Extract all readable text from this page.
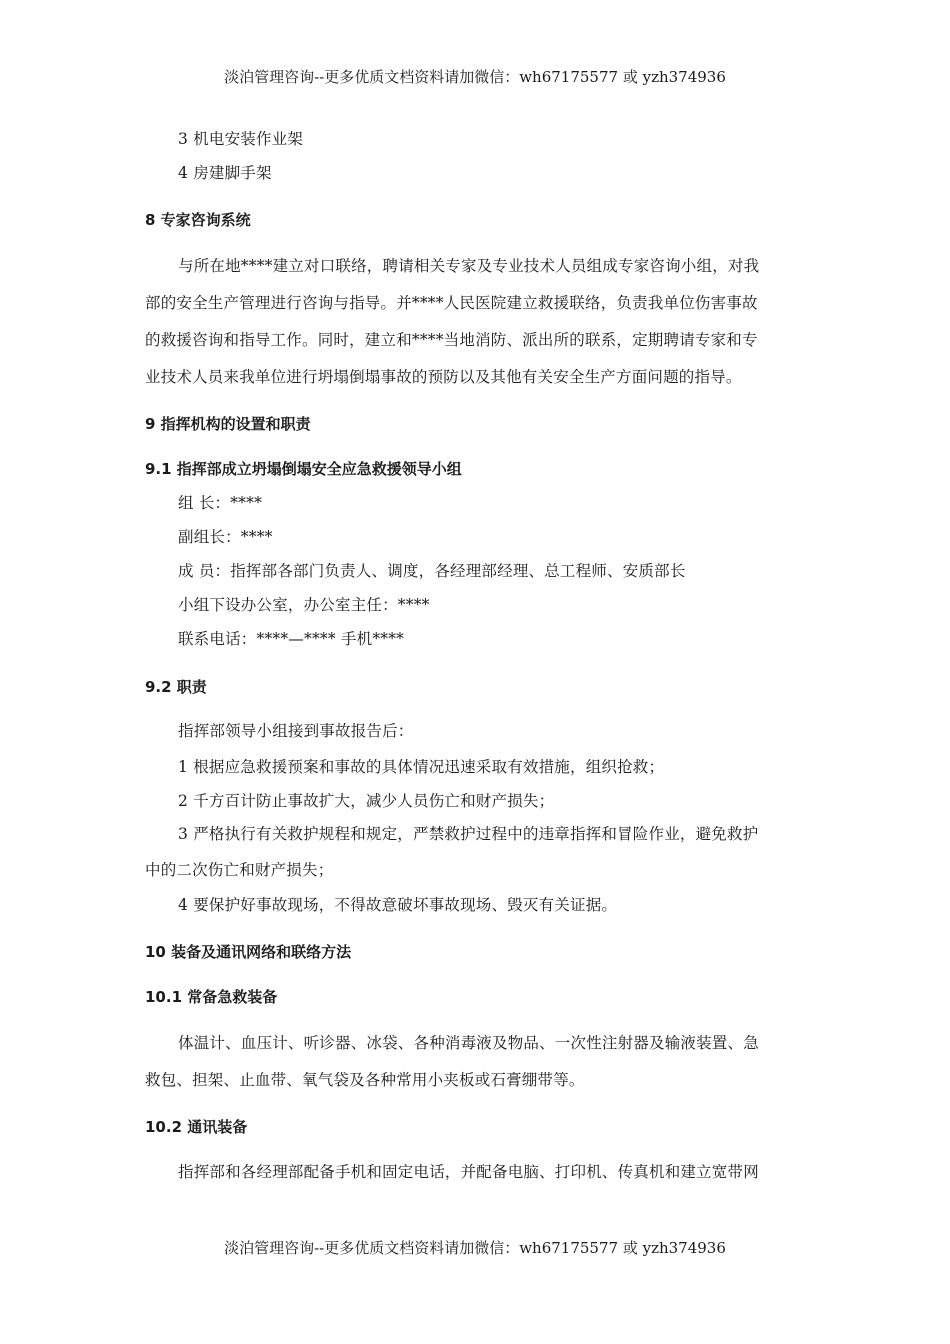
淡泊管理咨询--更多优质文档资料请加微信：wh67175577 或 yzh374936
3 机电安装作业架
4 房建脚手架
8 专家咨询系统
与所在地****建立对口联络，聘请相关专家及专业技术人员组成专家咨询小组，对我
部的安全生产管理进行咨询与指导。并****人民医院建立救援联络，负责我单位伤害事故
的救援咨询和指导工作。同时，建立和****当地消防、派出所的联系，定期聘请专家和专
业技术人员来我单位进行坍塌倒塌事故的预防以及其他有关安全生产方面问题的指导。
9 指挥机构的设置和职责
9.1 指挥部成立坍塌倒塌安全应急救援领导小组
组 长：****
副组长：****
成 员：指挥部各部门负责人、调度，各经理部经理、总工程师、安质部长
小组下设办公室，办公室主任：****
联系电话：****—**** 手机****
9.2 职责
指挥部领导小组接到事故报告后：
1 根据应急救援预案和事故的具体情况迅速采取有效措施，组织抢救；
2 千方百计防止事故扩大，减少人员伤亡和财产损失；
3 严格执行有关救护规程和规定，严禁救护过程中的违章指挥和冒险作业，避免救护
中的二次伤亡和财产损失；
4 要保护好事故现场，不得故意破坏事故现场、毁灭有关证据。
10 装备及通讯网络和联络方法
10.1 常备急救装备
体温计、血压计、听诊器、冰袋、各种消毒液及物品、一次性注射器及输液装置、急
救包、担架、止血带、氧气袋及各种常用小夹板或石膏绷带等。
10.2 通讯装备
指挥部和各经理部配备手机和固定电话，并配备电脑、打印机、传真机和建立宽带网
淡泊管理咨询--更多优质文档资料请加微信：wh67175577 或 yzh374936
